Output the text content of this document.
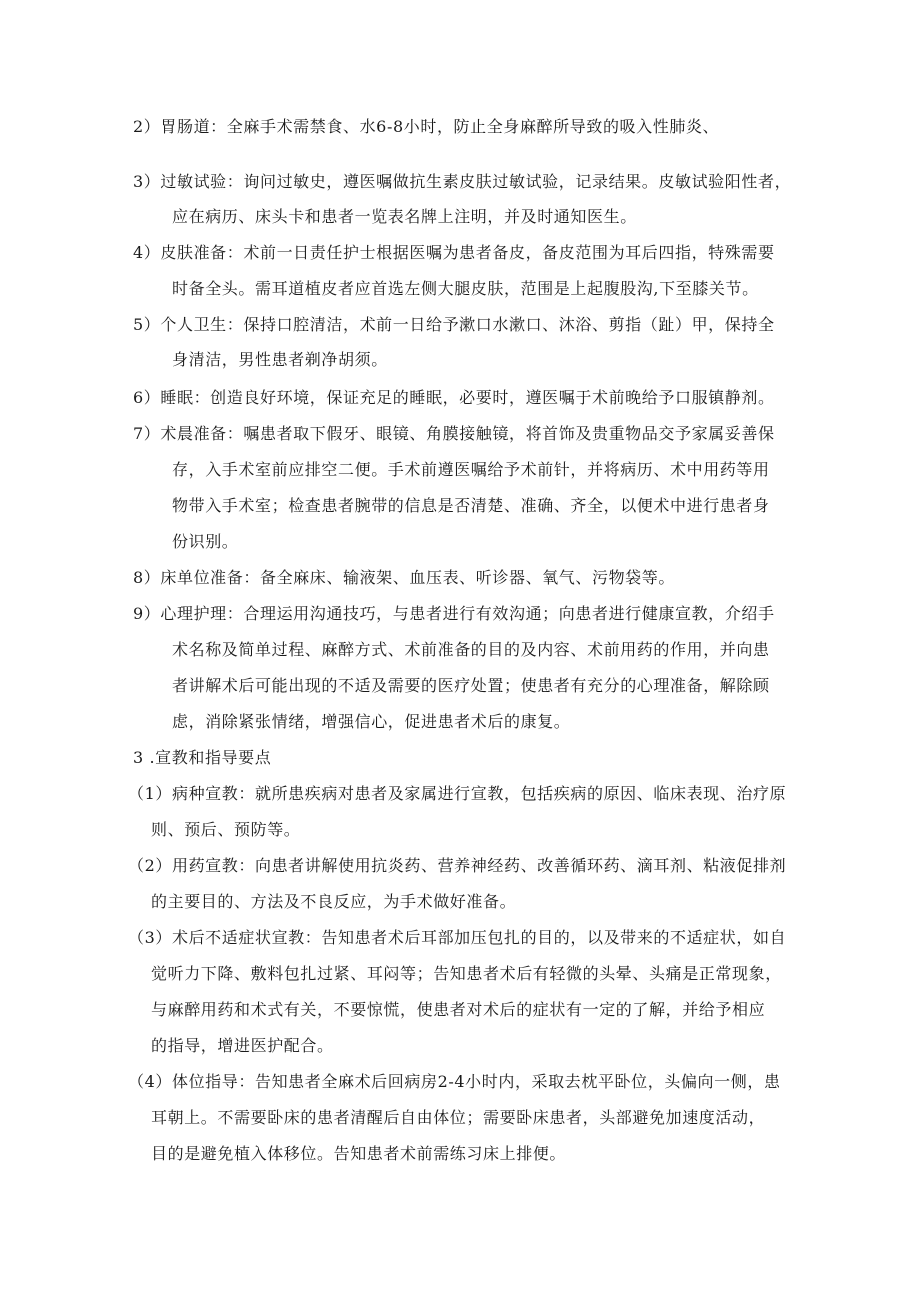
2）胃肠道：全麻手术需禁食、水6-8小时，防止全身麻醉所导致的吸入性肺炎、
3）过敏试验：询问过敏史，遵医嘱做抗生素皮肤过敏试验，记录结果。皮敏试验阳性者，
应在病历、床头卡和患者一览表名牌上注明，并及时通知医生。
4）皮肤准备：术前一日责任护士根据医嘱为患者备皮，备皮范围为耳后四指，特殊需要
时备全头。需耳道植皮者应首选左侧大腿皮肤，范围是上起腹股沟,下至膝关节。
5）个人卫生：保持口腔清洁，术前一日给予漱口水漱口、沐浴、剪指（趾）甲，保持全
身清洁，男性患者剃净胡须。
6）睡眠：创造良好环境，保证充足的睡眠，必要时，遵医嘱于术前晚给予口服镇静剂。
7）术晨准备：嘱患者取下假牙、眼镜、角膜接触镜，将首饰及贵重物品交予家属妥善保
存，入手术室前应排空二便。手术前遵医嘱给予术前针，并将病历、术中用药等用
物带入手术室；检查患者腕带的信息是否清楚、准确、齐全，以便术中进行患者身
份识别。
8）床单位准备：备全麻床、输液架、血压表、听诊器、氧气、污物袋等。
9）心理护理：合理运用沟通技巧，与患者进行有效沟通；向患者进行健康宣教，介绍手
术名称及简单过程、麻醉方式、术前准备的目的及内容、术前用药的作用，并向患
者讲解术后可能出现的不适及需要的医疗处置；使患者有充分的心理准备，解除顾
虑，消除紧张情绪，增强信心，促进患者术后的康复。
3 .宣教和指导要点
（1）病种宣教：就所患疾病对患者及家属进行宣教，包括疾病的原因、临床表现、治疗原
则、预后、预防等。
（2）用药宣教：向患者讲解使用抗炎药、营养神经药、改善循环药、滴耳剂、粘液促排剂
的主要目的、方法及不良反应，为手术做好准备。
（3）术后不适症状宣教：告知患者术后耳部加压包扎的目的，以及带来的不适症状，如自
觉听力下降、敷料包扎过紧、耳闷等；告知患者术后有轻微的头晕、头痛是正常现象，
与麻醉用药和术式有关，不要惊慌，使患者对术后的症状有一定的了解，并给予相应
的指导，增进医护配合。
（4）体位指导：告知患者全麻术后回病房2-4小时内，采取去枕平卧位，头偏向一侧，患
耳朝上。不需要卧床的患者清醒后自由体位；需要卧床患者，头部避免加速度活动，
目的是避免植入体移位。告知患者术前需练习床上排便。
